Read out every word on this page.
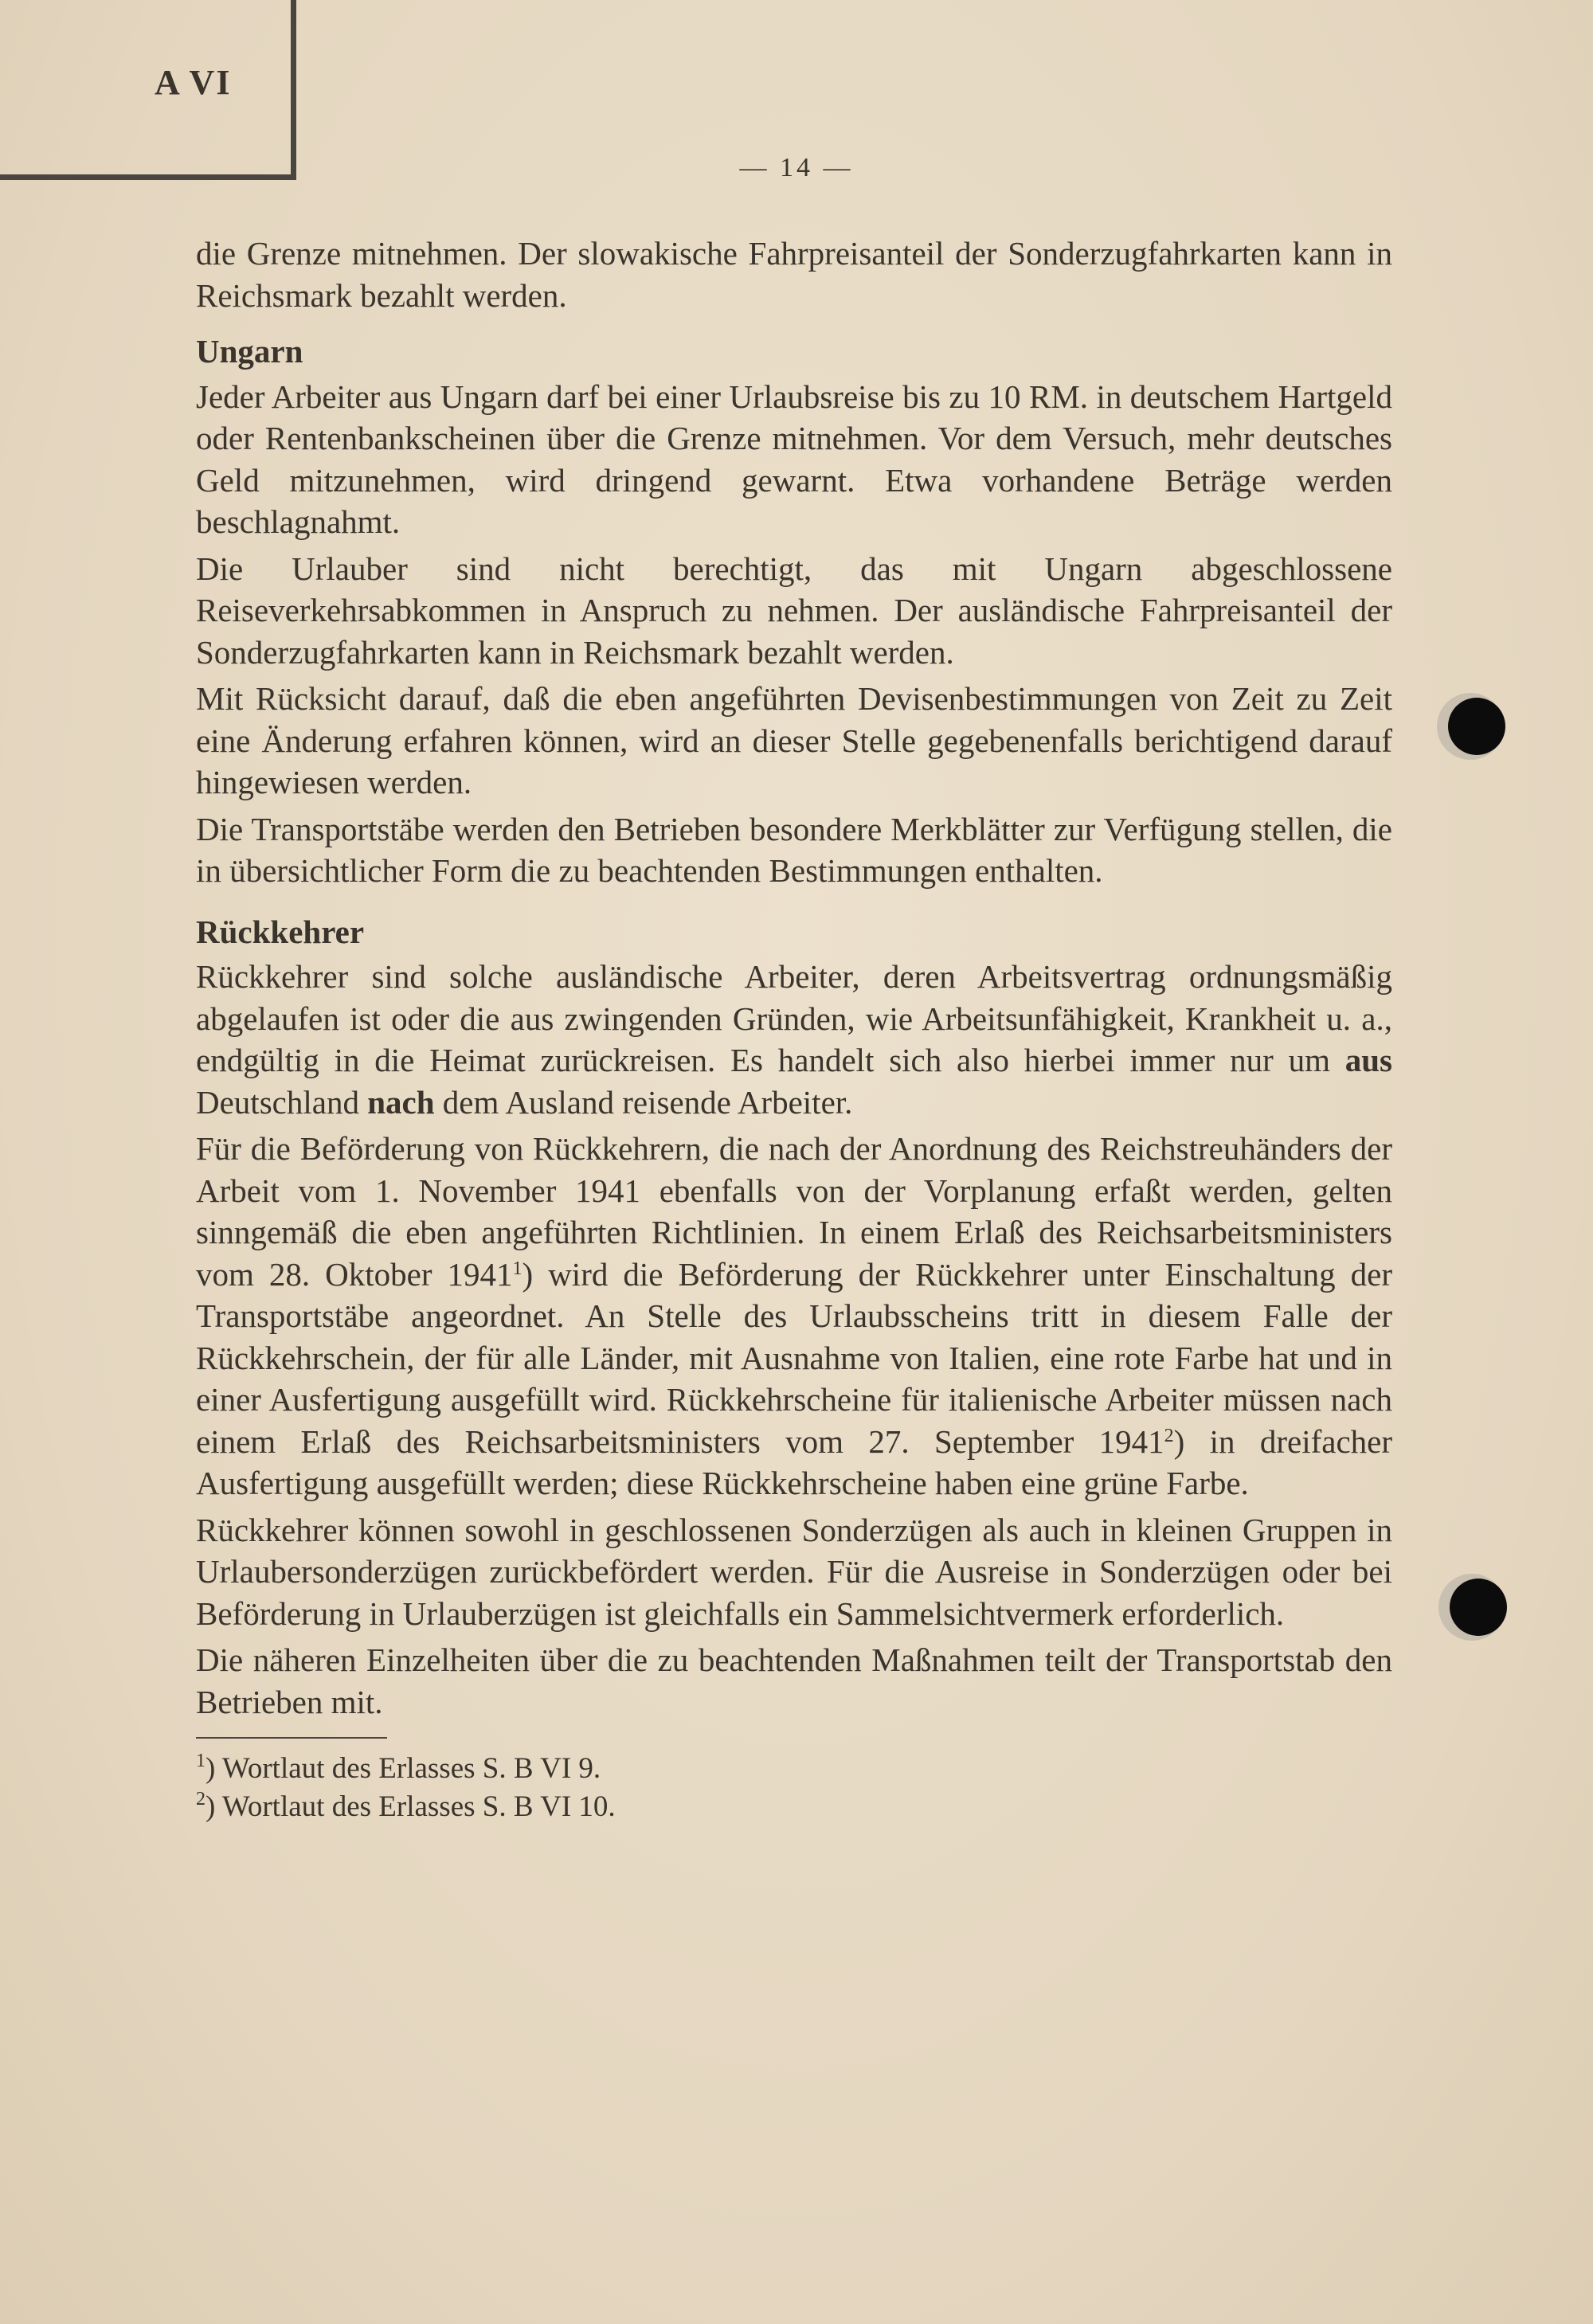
A VI
— 14 —

die Grenze mitnehmen. Der slowakische Fahrpreisanteil der Sonderzugfahrkarten kann in Reichsmark bezahlt werden.

Ungarn

Jeder Arbeiter aus Ungarn darf bei einer Urlaubsreise bis zu 10 RM. in deutschem Hartgeld oder Rentenbankscheinen über die Grenze mitnehmen. Vor dem Versuch, mehr deutsches Geld mitzunehmen, wird dringend gewarnt. Etwa vorhandene Beträge werden beschlagnahmt.

Die Urlauber sind nicht berechtigt, das mit Ungarn abgeschlossene Reiseverkehrsabkommen in Anspruch zu nehmen. Der ausländische Fahrpreisanteil der Sonderzugfahrkarten kann in Reichsmark bezahlt werden.

Mit Rücksicht darauf, daß die eben angeführten Devisenbestimmungen von Zeit zu Zeit eine Änderung erfahren können, wird an dieser Stelle gegebenenfalls berichtigend darauf hingewiesen werden.

Die Transportstäbe werden den Betrieben besondere Merkblätter zur Verfügung stellen, die in übersichtlicher Form die zu beachtenden Bestimmungen enthalten.

Rückkehrer

Rückkehrer sind solche ausländische Arbeiter, deren Arbeitsvertrag ordnungsmäßig abgelaufen ist oder die aus zwingenden Gründen, wie Arbeitsunfähigkeit, Krankheit u. a., endgültig in die Heimat zurückreisen. Es handelt sich also hierbei immer nur um aus Deutschland nach dem Ausland reisende Arbeiter.

Für die Beförderung von Rückkehrern, die nach der Anordnung des Reichstreuhänders der Arbeit vom 1. November 1941 ebenfalls von der Vorplanung erfaßt werden, gelten sinngemäß die eben angeführten Richtlinien. In einem Erlaß des Reichsarbeitsministers vom 28. Oktober 1941$^1$) wird die Beförderung der Rückkehrer unter Einschaltung der Transportstäbe angeordnet. An Stelle des Urlaubsscheins tritt in diesem Falle der Rückkehrschein, der für alle Länder, mit Ausnahme von Italien, eine rote Farbe hat und in einer Ausfertigung ausgefüllt wird. Rückkehrscheine für italienische Arbeiter müssen nach einem Erlaß des Reichsarbeitsministers vom 27. September 1941$^2$) in dreifacher Ausfertigung ausgefüllt werden; diese Rückkehrscheine haben eine grüne Farbe.

Rückkehrer können sowohl in geschlossenen Sonderzügen als auch in kleinen Gruppen in Urlaubersonderzügen zurückbefördert werden. Für die Ausreise in Sonderzügen oder bei Beförderung in Urlauberzügen ist gleichfalls ein Sammelsichtvermerk erforderlich.

Die näheren Einzelheiten über die zu beachtenden Maßnahmen teilt der Transportstab den Betrieben mit.

$^1$) Wortlaut des Erlasses S. B VI 9.

$^2$) Wortlaut des Erlasses S. B VI 10.
